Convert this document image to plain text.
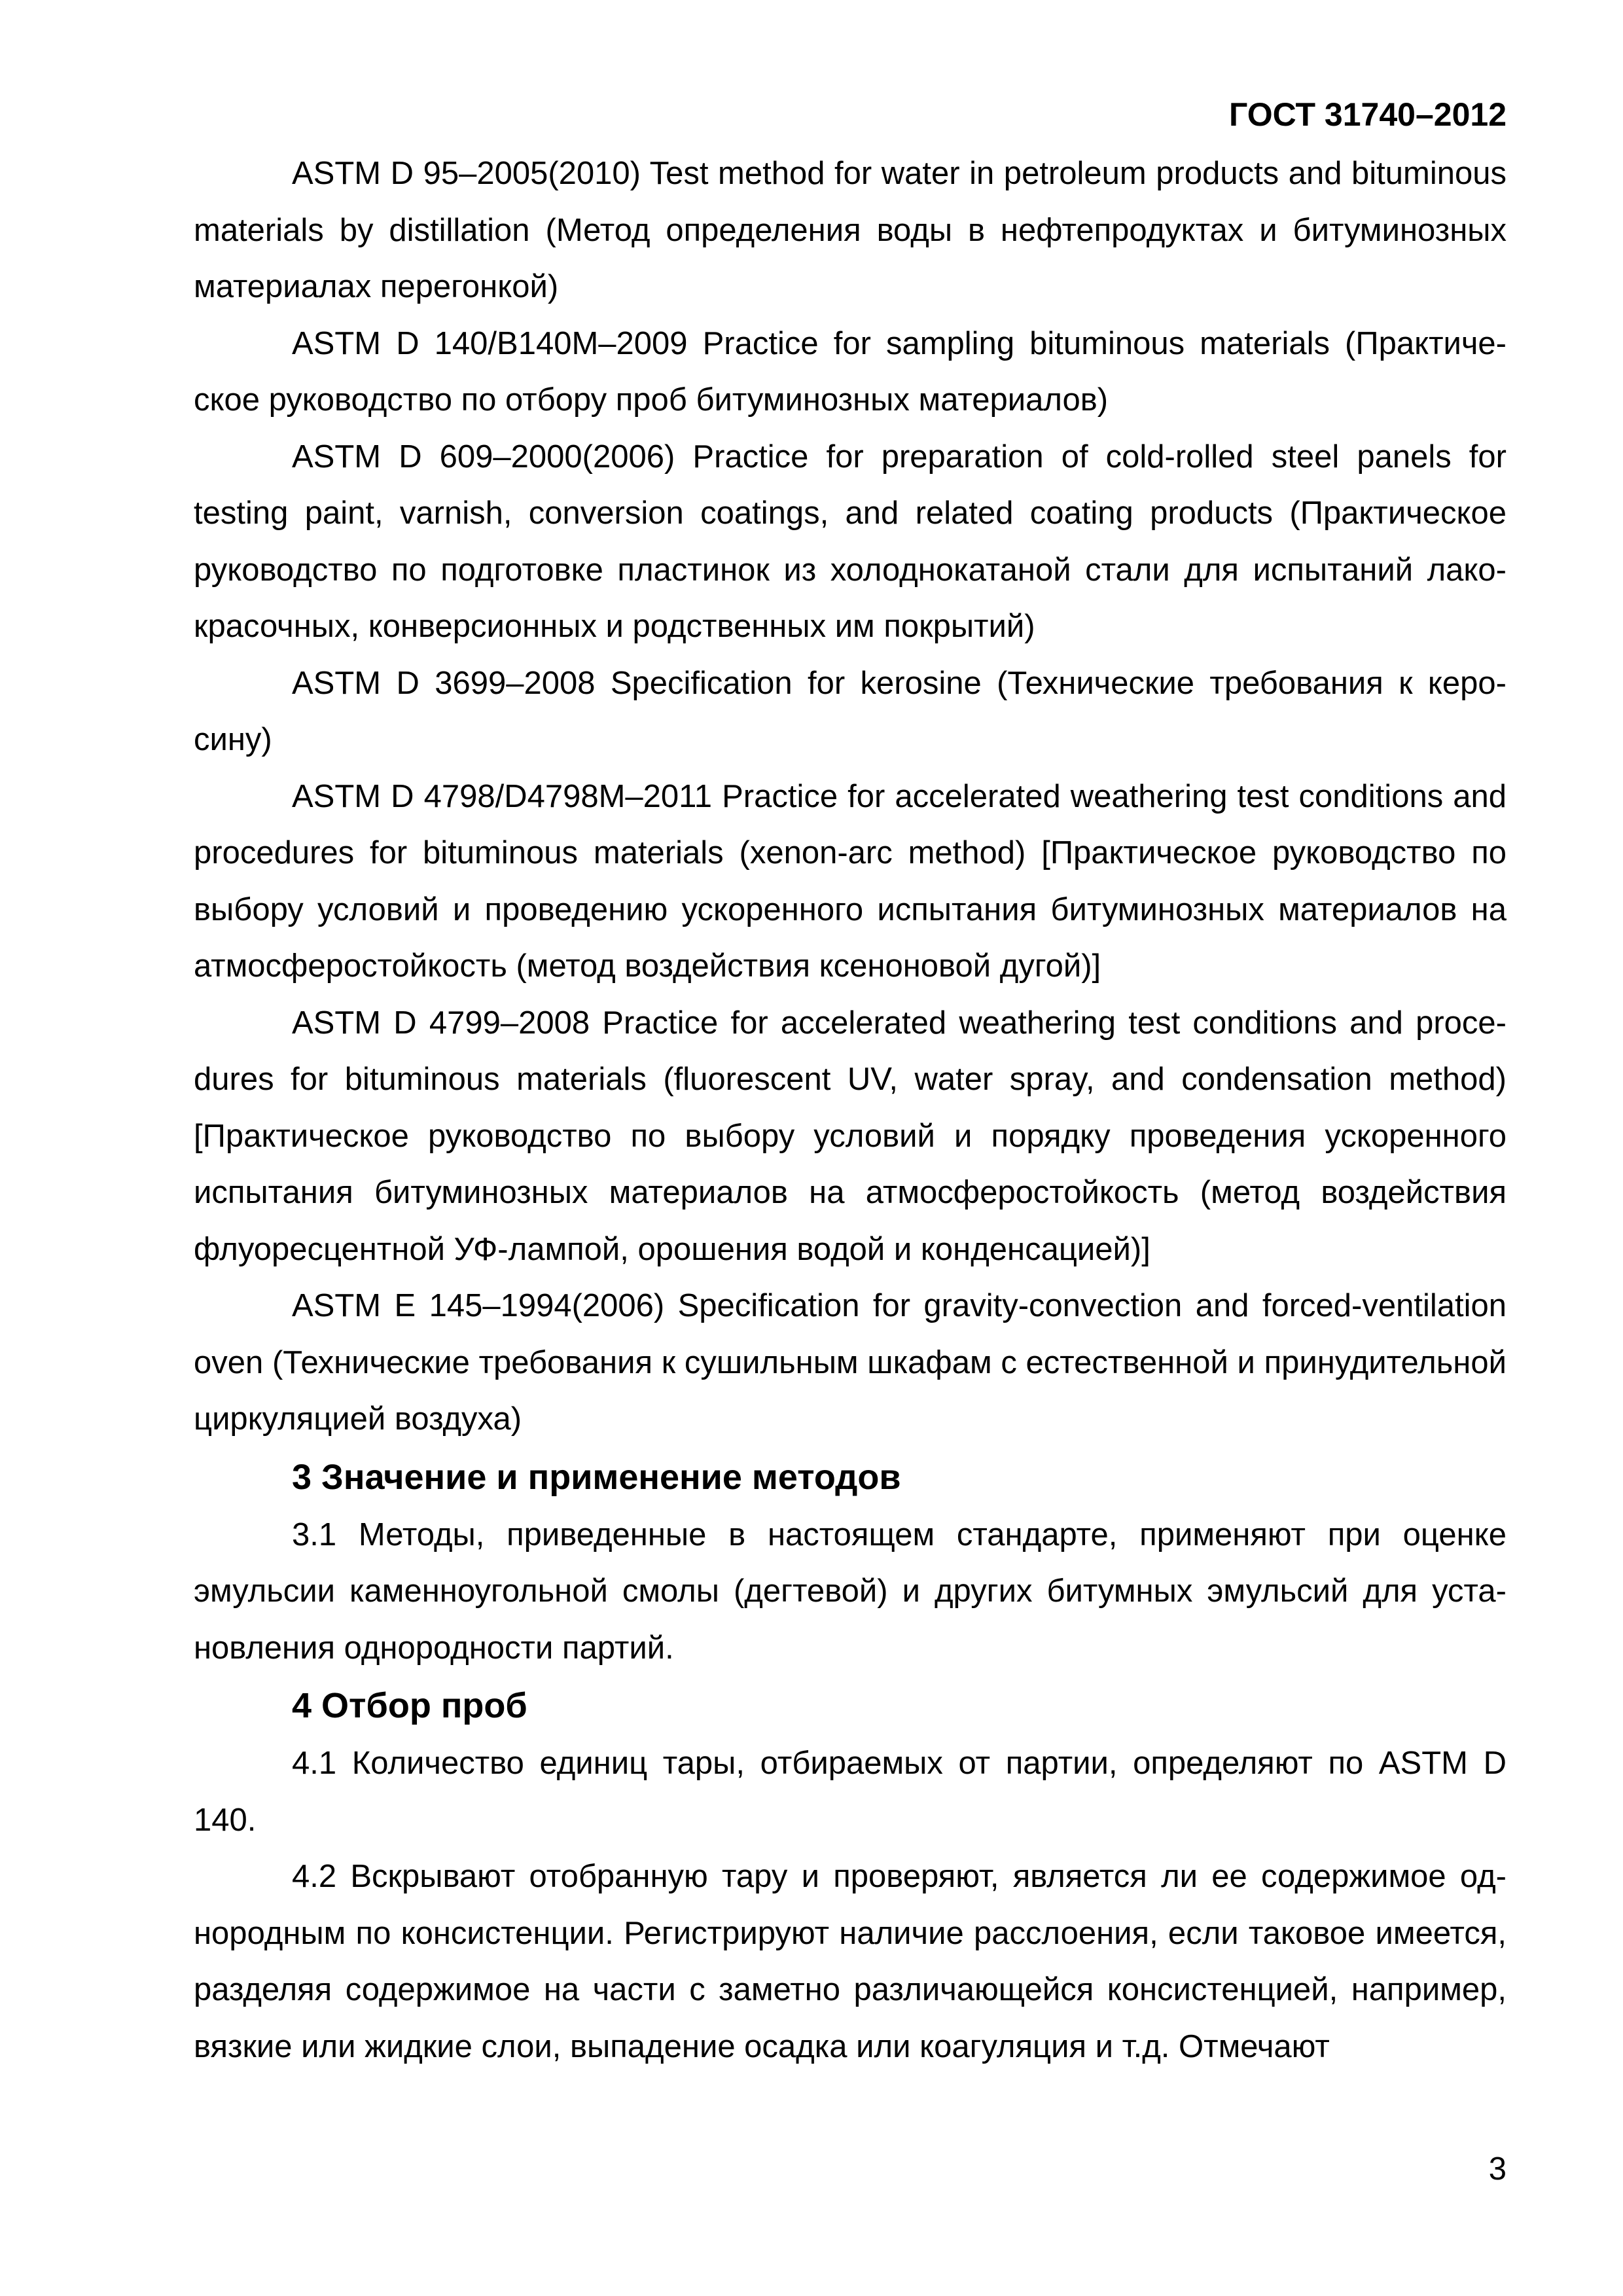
ГОСТ 31740–2012

ASTM D 95–2005(2010) Test method for water in petroleum products and bituminous materials by distillation (Метод определения воды в нефтепродуктах и битуминозных материалах перегонкой)

ASTM D 140/B140M–2009 Practice for sampling bituminous materials (Практическое руководство по отбору проб битуминозных материалов)

ASTM D 609–2000(2006) Practice for preparation of cold-rolled steel panels for testing paint, varnish, conversion coatings, and related coating products (Практическое руководство по подготовке пластинок из холоднокатаной стали для испытаний лакокрасочных, конверсионных и родственных им покрытий)

ASTM D 3699–2008 Specification for kerosine (Технические требования к керосину)

ASTM D 4798/D4798M–2011 Practice for accelerated weathering test conditions and procedures for bituminous materials (xenon-arc method) [Практическое руководство по выбору условий и проведению ускоренного испытания битуминозных материалов на атмосферостойкость (метод воздействия ксеноновой дугой)]

ASTM D 4799–2008 Practice for accelerated weathering test conditions and procedures for bituminous materials (fluorescent UV, water spray, and condensation method) [Практическое руководство по выбору условий и порядку проведения ускоренного испытания битуминозных материалов на атмосферостойкость (метод воздействия флуоресцентной УФ-лампой, орошения водой и конденсацией)]

ASTM E 145–1994(2006) Specification for gravity-convection and forced-ventilation oven (Технические требования к сушильным шкафам с естественной и принудительной циркуляцией воздуха)

3 Значение и применение методов

3.1 Методы, приведенные в настоящем стандарте, применяют при оценке эмульсии каменноугольной смолы (дегтевой) и других битумных эмульсий для установления однородности партий.

4 Отбор проб

4.1 Количество единиц тары, отбираемых от партии, определяют по ASTM D 140.

4.2 Вскрывают отобранную тару и проверяют, является ли ее содержимое однородным по консистенции. Регистрируют наличие расслоения, если таковое имеется, разделяя содержимое на части с заметно различающейся консистенцией, например, вязкие или жидкие слои, выпадение осадка или коагуляция и т.д. Отмечают

3
